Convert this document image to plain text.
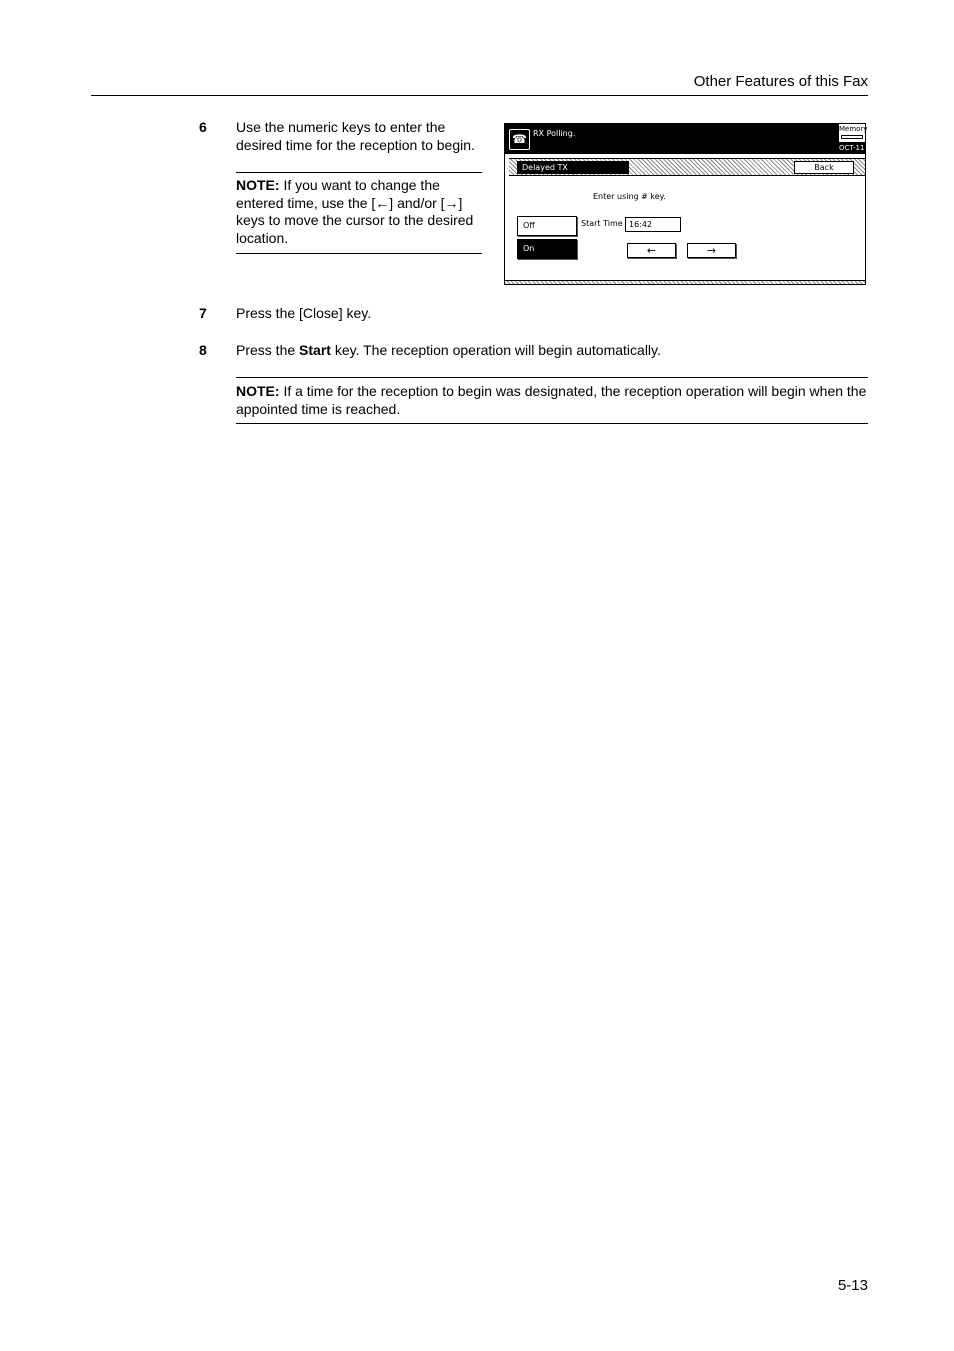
Other Features of this Fax
6 Use the numeric keys to enter the desired time for the reception to begin.
NOTE: If you want to change the entered time, use the [←] and/or [→] keys to move the cursor to the desired location.
☎ RX Polling.	Memory
OCT-11
Delayed TX	Back
Enter using # key.
Off
On
Start Time 16:42
←	→
7 Press the [Close] key.
8 Press the Start key. The reception operation will begin automatically.
NOTE: If a time for the reception to begin was designated, the reception operation will begin when the appointed time is reached.
5-13
